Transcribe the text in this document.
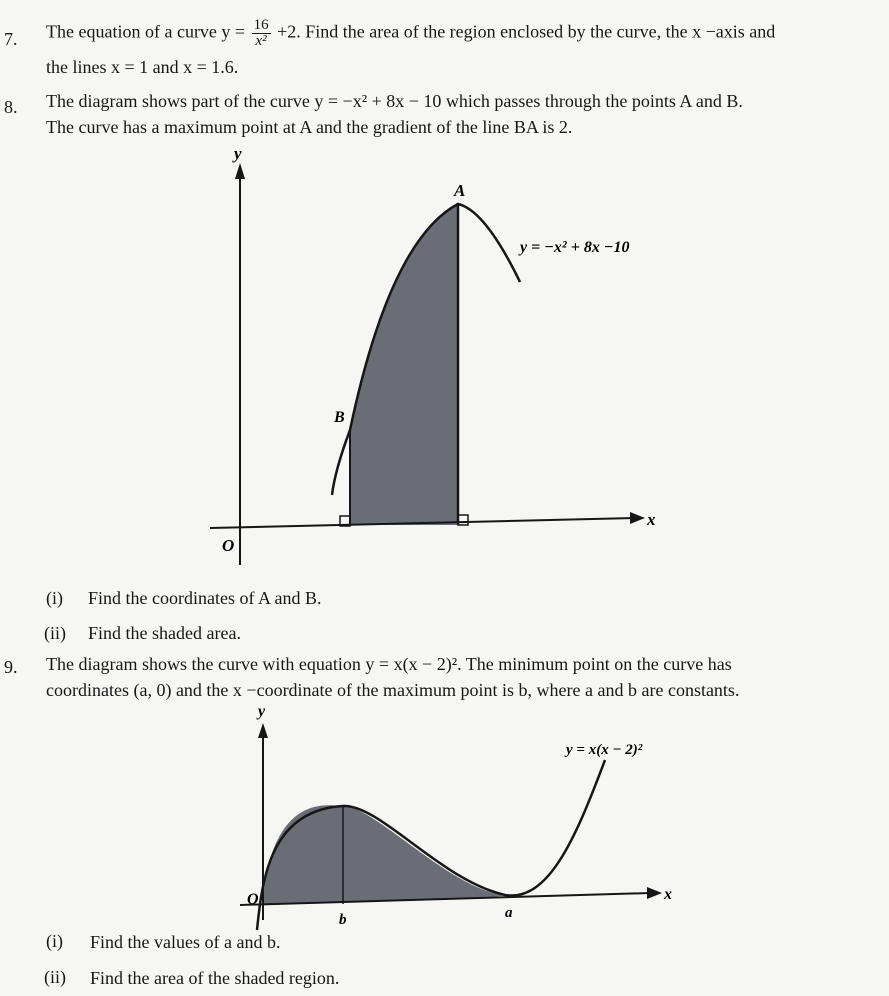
7. The equation of a curve $y = \frac{16}{\text{x²}} +2$. Find the area of the region enclosed by the curve, the x −axis and
the lines x = 1 and x = 1.6.
8. The diagram shows part of the curve y = −x² + 8x − 10 which passes through the points A and B.
The curve has a maximum point at A and the gradient of the line BA is 2.
y
x
O
A
B
y = −x² + 8x −10
y
x
O
b	a
y = x(x − 2)²
(i) Find the coordinates of A and B.
(ii) Find the shaded area.
9. The diagram shows the curve with equation y = x(x − 2)². The minimum point on the curve has
coordinates (a, 0) and the x −coordinate of the maximum point is b, where a and b are constants.
(i) Find the values of a and b.
(ii) Find the area of the shaded region.
